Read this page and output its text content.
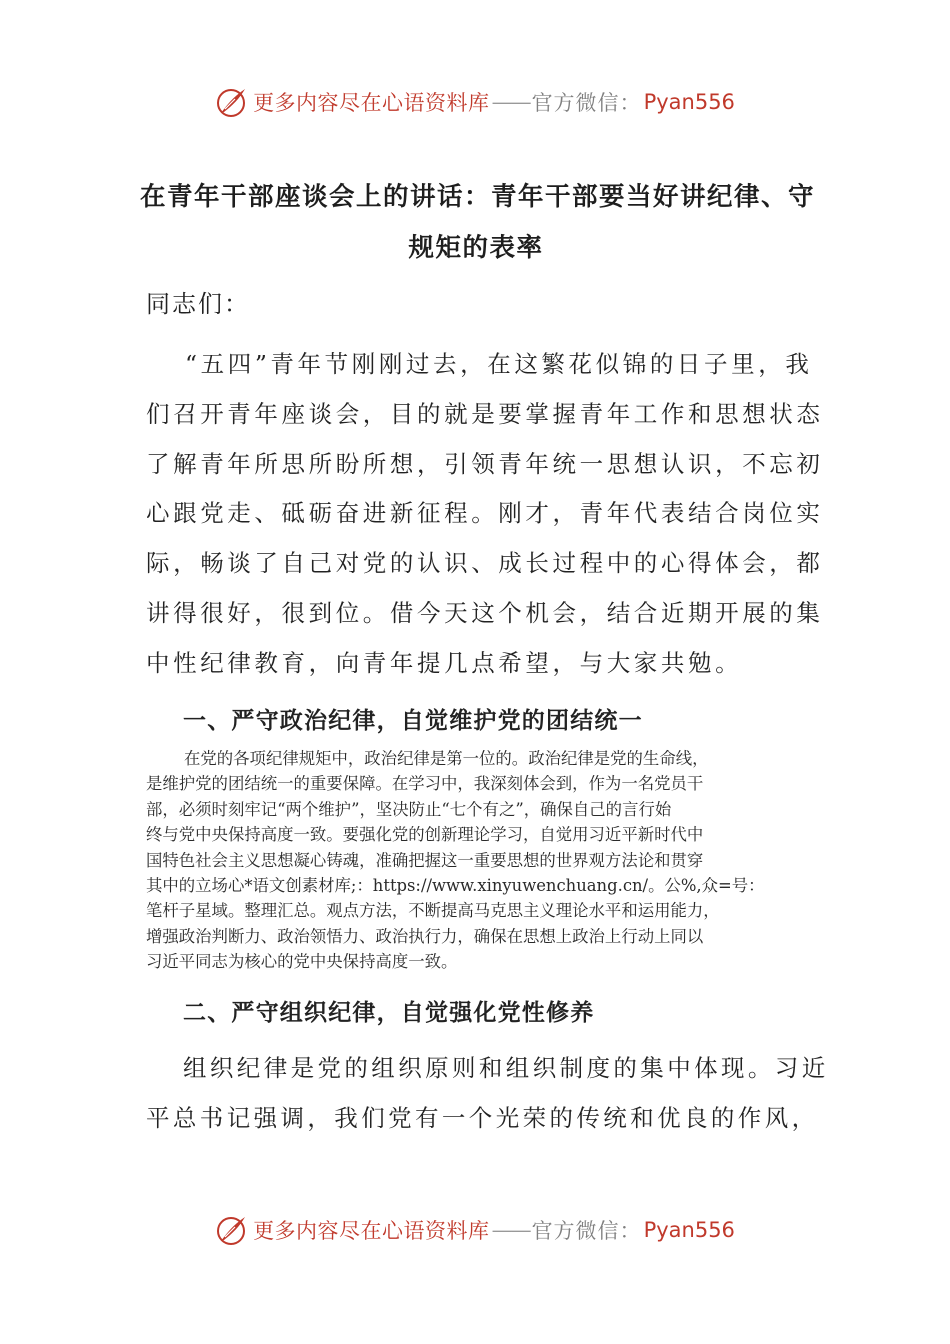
更多内容尽在心语资料库 —— 官方微信： Pyan556
在青年干部座谈会上的讲话：青年干部要当好讲纪律、守
规矩的表率
同志们：
“五四”青年节刚刚过去，在这繁花似锦的日子里，我
们召开青年座谈会，目的就是要掌握青年工作和思想状态
了解青年所思所盼所想，引领青年统一思想认识，不忘初
心跟党走、砥砺奋进新征程。刚才，青年代表结合岗位实
际，畅谈了自己对党的认识、成长过程中的心得体会，都
讲得很好，很到位。借今天这个机会，结合近期开展的集
中性纪律教育，向青年提几点希望，与大家共勉。
一、严守政治纪律，自觉维护党的团结统一
在党的各项纪律规矩中，政治纪律是第一位的。政治纪律是党的生命线，
是维护党的团结统一的重要保障。在学习中，我深刻体会到，作为一名党员干
部，必须时刻牢记“两个维护”，坚决防止“七个有之”，确保自己的言行始
终与党中央保持高度一致。要强化党的创新理论学习，自觉用习近平新时代中
国特色社会主义思想凝心铸魂，准确把握这一重要思想的世界观方法论和贯穿
其中的立场心*语文创素材库;：https://www.xinyuwenchuang.cn/。公%,众=号：
笔杆子星域。整理汇总。观点方法，不断提高马克思主义理论水平和运用能力，
增强政治判断力、政治领悟力、政治执行力，确保在思想上政治上行动上同以
习近平同志为核心的党中央保持高度一致。
二、严守组织纪律，自觉强化党性修养
组织纪律是党的组织原则和组织制度的集中体现。习近
平总书记强调，我们党有一个光荣的传统和优良的作风，
更多内容尽在心语资料库 —— 官方微信： Pyan556
